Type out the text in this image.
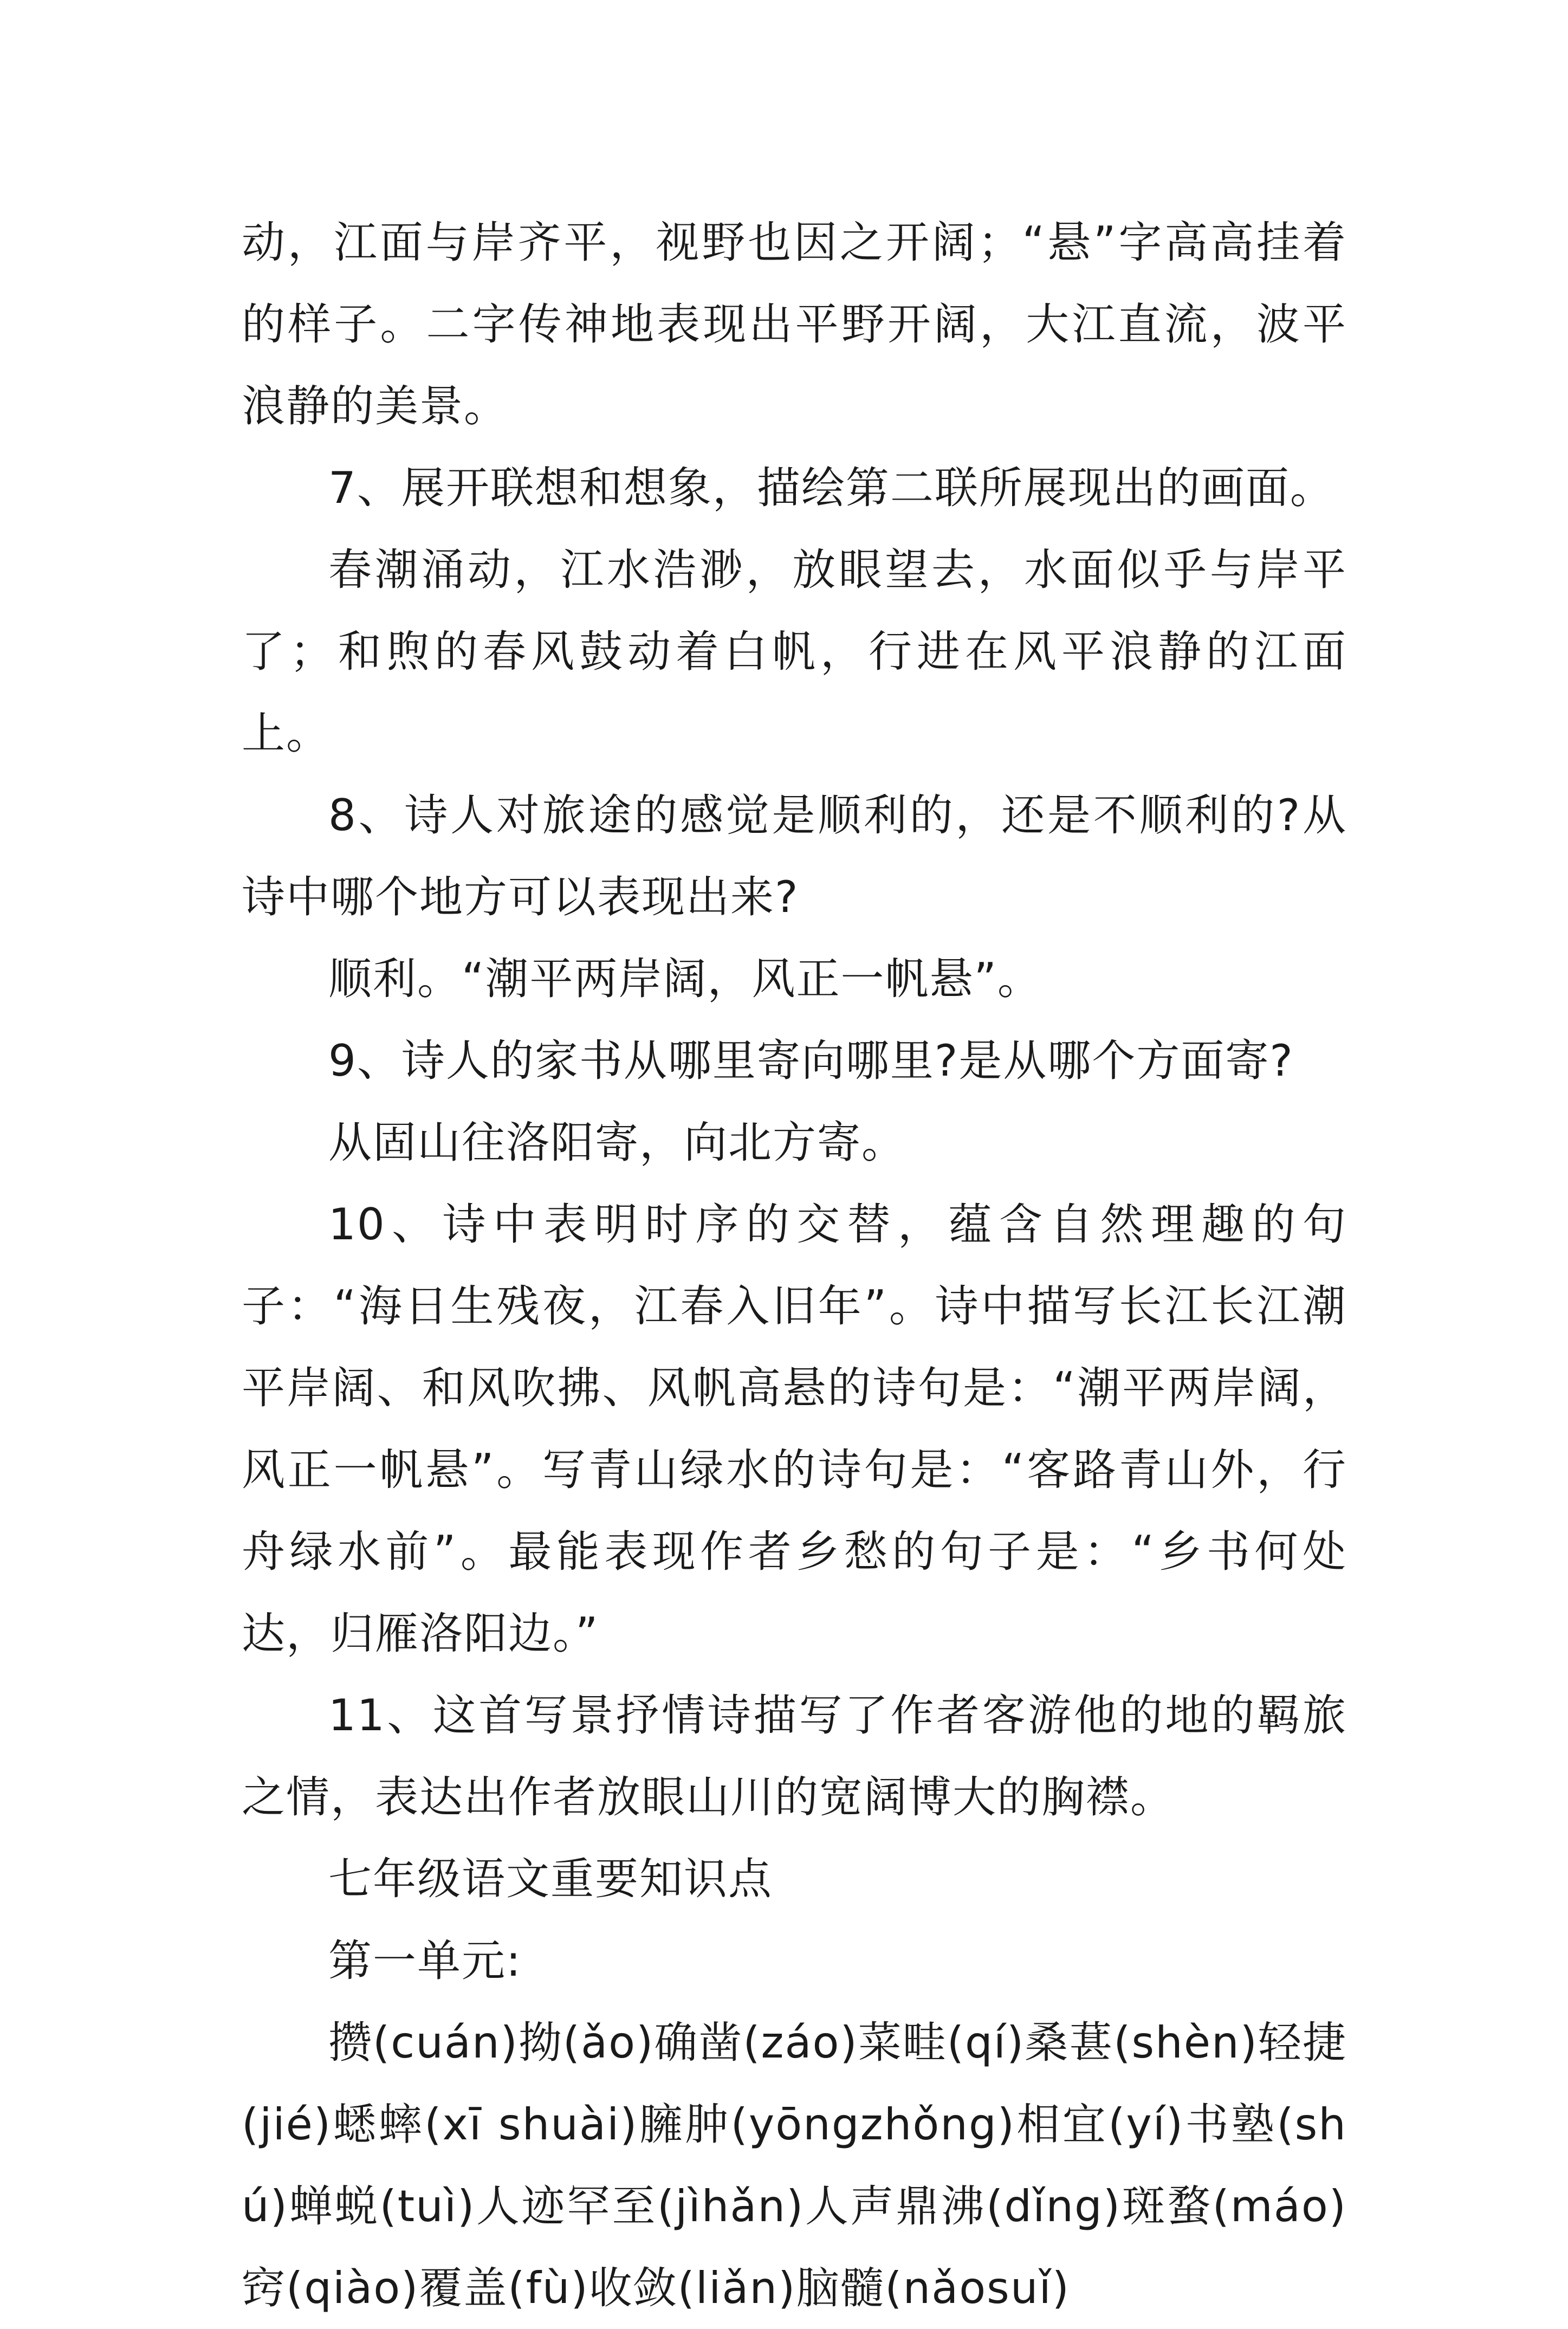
动，江面与岸齐平，视野也因之开阔；“悬”字高高挂着的样子。二字传神地表现出平野开阔，大江直流，波平浪静的美景。

7、展开联想和想象，描绘第二联所展现出的画面。

春潮涌动，江水浩渺，放眼望去，水面似乎与岸平了；和煦的春风鼓动着白帆，行进在风平浪静的江面上。

8、诗人对旅途的感觉是顺利的，还是不顺利的?从诗中哪个地方可以表现出来?

顺利。“潮平两岸阔，风正一帆悬”。

9、诗人的家书从哪里寄向哪里?是从哪个方面寄?

从固山往洛阳寄，向北方寄。

10、诗中表明时序的交替，蕴含自然理趣的句子：“海日生残夜，江春入旧年”。诗中描写长江长江潮平岸阔、和风吹拂、风帆高悬的诗句是：“潮平两岸阔，风正一帆悬”。写青山绿水的诗句是：“客路青山外，行舟绿水前”。最能表现作者乡愁的句子是：“乡书何处达，归雁洛阳边。”

11、这首写景抒情诗描写了作者客游他的地的羁旅之情，表达出作者放眼山川的宽阔博大的胸襟。

七年级语文重要知识点

第一单元:

攒(cuán)拗(ǎo)确凿(záo)菜畦(qí)桑葚(shèn)轻捷(jié)蟋蟀(xī shuài)臃肿(yōngzhǒng)相宜(yí)书塾(shú)蝉蜕(tuì)人迹罕至(jìhǎn)人声鼎沸(dǐng)斑蝥(máo)窍(qiào)覆盖(fù)收敛(liǎn)脑髓(nǎosuǐ)
